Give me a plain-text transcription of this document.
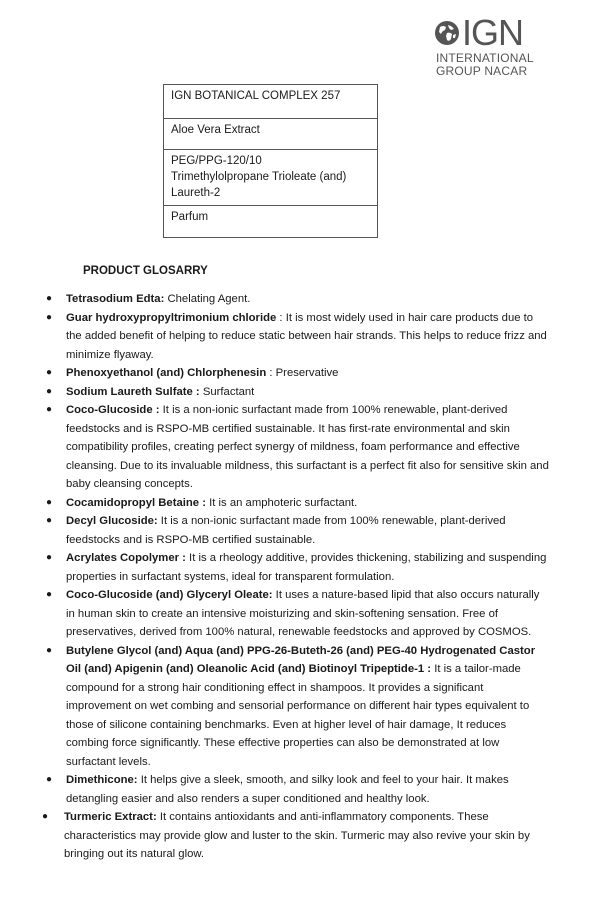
IGN
INTERNATIONAL
GROUP NACAR
IGN BOTANICAL COMPLEX 257
Aloe Vera Extract

PEG/PPG-120/10
Trimethylolpropane Trioleate (and)
Laureth-2

Parfum
PRODUCT GLOSARRY
● Tetrasodium Edta: Chelating Agent.
● Guar hydroxypropyltrimonium chloride : It is most widely used in hair care products due to the added benefit of helping to reduce static between hair strands. This helps to reduce frizz and minimize flyaway.
● Phenoxyethanol (and) Chlorphenesin : Preservative
● Sodium Laureth Sulfate : Surfactant
● Coco-Glucoside : It is a non-ionic surfactant made from 100% renewable, plant-derived feedstocks and is RSPO-MB certified sustainable. It has first-rate environmental and skin compatibility profiles, creating perfect synergy of mildness, foam performance and effective cleansing. Due to its invaluable mildness, this surfactant is a perfect fit also for sensitive skin and baby cleansing concepts.
● Cocamidopropyl Betaine : It is an amphoteric surfactant.
● Decyl Glucoside: It is a non-ionic surfactant made from 100% renewable, plant-derived feedstocks and is RSPO-MB certified sustainable.
● Acrylates Copolymer : It is a rheology additive, provides thickening, stabilizing and suspending properties in surfactant systems, ideal for transparent formulation.
● Coco-Glucoside (and) Glyceryl Oleate: It uses a nature-based lipid that also occurs naturally in human skin to create an intensive moisturizing and skin-softening sensation. Free of preservatives, derived from 100% natural, renewable feedstocks and approved by COSMOS.
● Butylene Glycol (and) Aqua (and) PPG-26-Buteth-26 (and) PEG-40 Hydrogenated Castor Oil (and) Apigenin (and) Oleanolic Acid (and) Biotinoyl Tripeptide-1 : It is a tailor-made compound for a strong hair conditioning effect in shampoos. It provides a significant improvement on wet combing and sensorial performance on different hair types equivalent to those of silicone containing benchmarks. Even at higher level of hair damage, It reduces combing force significantly. These effective properties can also be demonstrated at low surfactant levels.
● Dimethicone: It helps give a sleek, smooth, and silky look and feel to your hair. It makes detangling easier and also renders a super conditioned and healthy look.
● Turmeric Extract: It contains antioxidants and anti-inflammatory components. These characteristics may provide glow and luster to the skin. Turmeric may also revive your skin by bringing out its natural glow.
